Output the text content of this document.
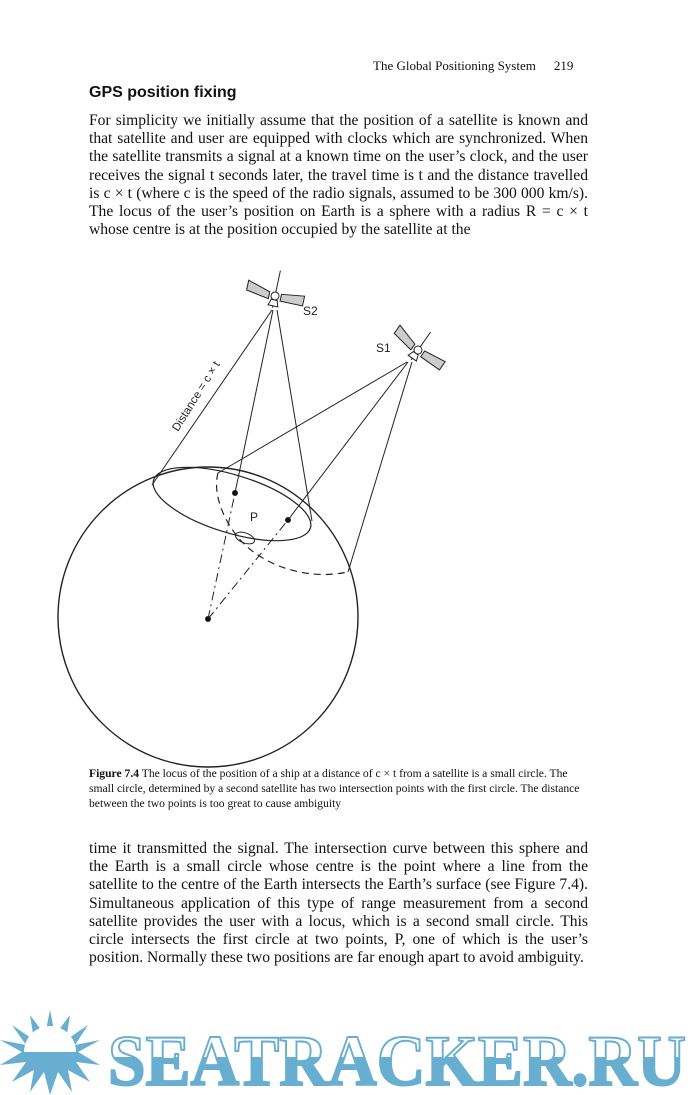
The Global Positioning System 219
GPS position fixing

For simplicity we initially assume that the position of a satellite is known and that satellite and user are equipped with clocks which are synchronized. When the satellite transmits a signal at a known time on the user’s clock, and the user receives the signal t seconds later, the travel time is t and the distance travelled is c × t (where c is the speed of the radio signals, assumed to be 300 000 km/s). The locus of the user’s position on Earth is a sphere with a radius R = c × t whose centre is at the position occupied by the satellite at the

S2
S1
P
Distance = c × t

Figure 7.4 The locus of the position of a ship at a distance of c × t from a satellite is a small circle. The small circle, determined by a second satellite has two intersection points with the first circle. The distance between the two points is too great to cause ambiguity

time it transmitted the signal. The intersection curve between this sphere and the Earth is a small circle whose centre is the point where a line from the satellite to the centre of the Earth intersects the Earth’s surface (see Figure 7.4). Simultaneous application of this type of range measurement from a second satellite provides the user with a locus, which is a second small circle. This circle intersects the first circle at two points, P, one of which is the user’s position. Normally these two positions are far enough apart to avoid ambiguity.

SEATRACKER.RU
